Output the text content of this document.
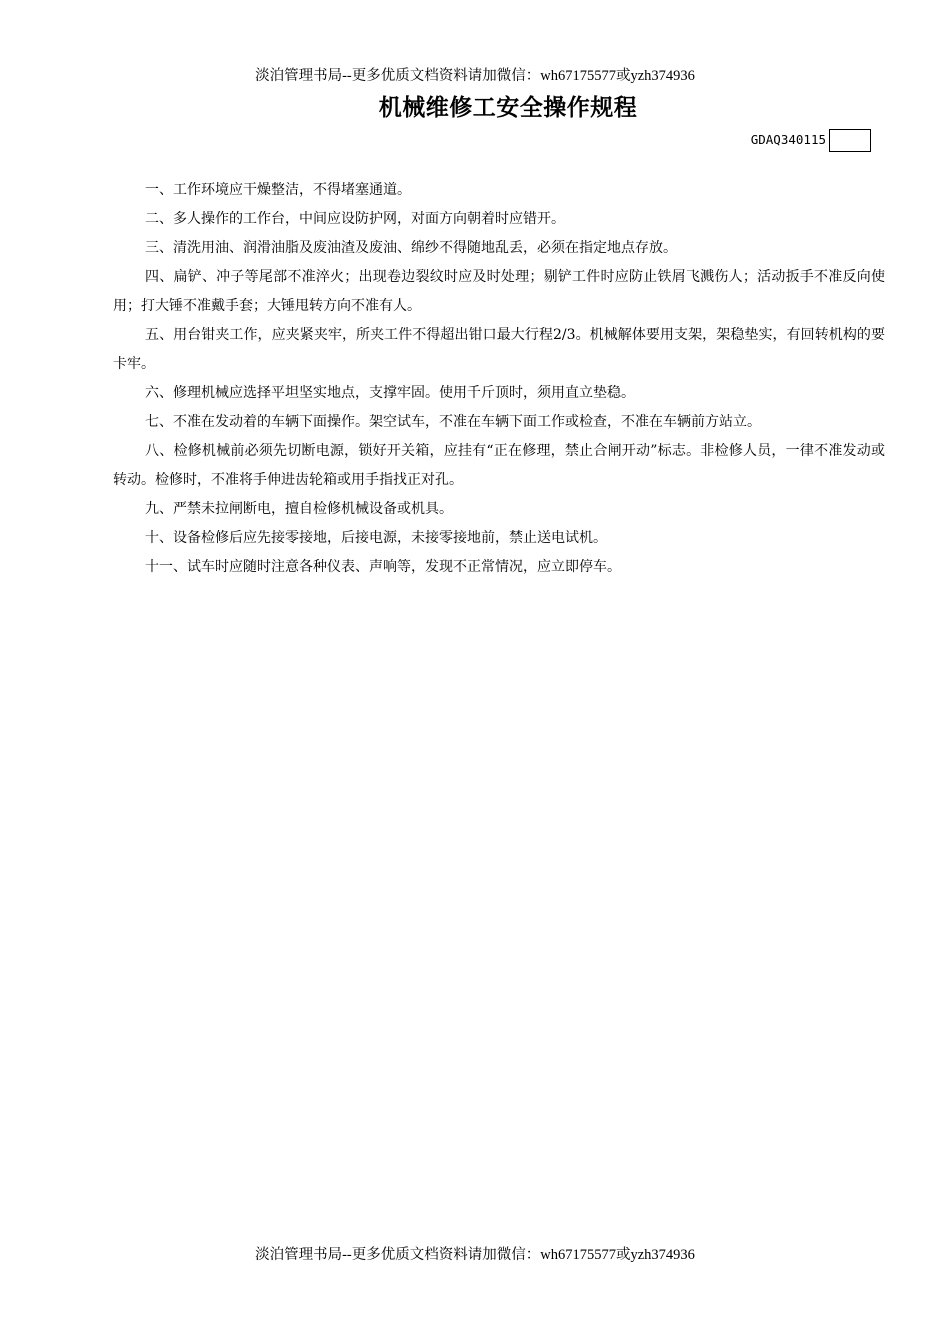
淡泊管理书局--更多优质文档资料请加微信：wh67175577或yzh374936
机械维修工安全操作规程
GDAQ340115
一、工作环境应干燥整洁，不得堵塞通道。
二、多人操作的工作台，中间应设防护网，对面方向朝着时应错开。
三、清洗用油、润滑油脂及废油渣及废油、绵纱不得随地乱丢，必须在指定地点存放。
四、扁铲、冲子等尾部不准淬火；出现卷边裂纹时应及时处理；剔铲工件时应防止铁屑飞溅伤人；活动扳手不准反向使用；打大锤不准戴手套；大锤甩转方向不准有人。
五、用台钳夹工作，应夹紧夹牢，所夹工件不得超出钳口最大行程2/3。机械解体要用支架，架稳垫实，有回转机构的要卡牢。
六、修理机械应选择平坦坚实地点，支撑牢固。使用千斤顶时，须用直立垫稳。
七、不准在发动着的车辆下面操作。架空试车，不准在车辆下面工作或检查，不准在车辆前方站立。
八、检修机械前必须先切断电源，锁好开关箱，应挂有“正在修理，禁止合闸开动”标志。非检修人员，一律不准发动或转动。检修时，不准将手伸进齿轮箱或用手指找正对孔。
九、严禁未拉闸断电，擅自检修机械设备或机具。
十、设备检修后应先接零接地，后接电源，未接零接地前，禁止送电试机。
十一、试车时应随时注意各种仪表、声响等，发现不正常情况，应立即停车。
淡泊管理书局--更多优质文档资料请加微信：wh67175577或yzh374936
